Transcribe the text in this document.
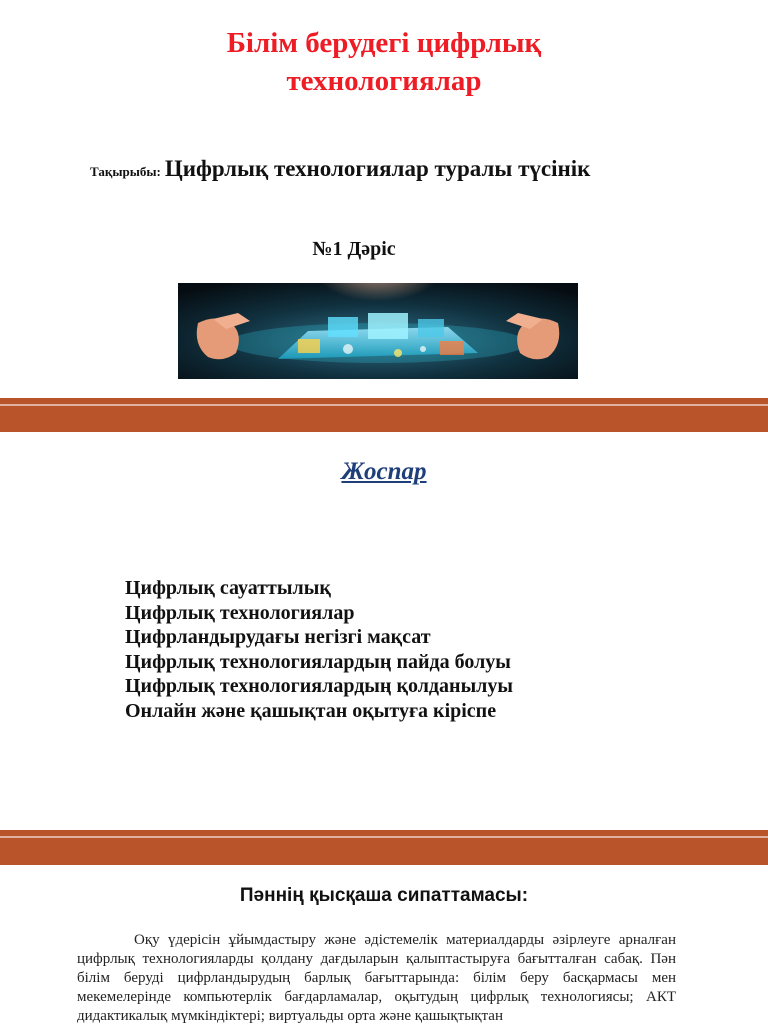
Білім берудегі цифрлық
технологиялар
Тақырыбы: Цифрлық технологиялар туралы түсінік
№1 Дәріс
Жоспар
Цифрлық сауаттылық
Цифрлық технологиялар
Цифрландырудағы негізгі мақсат
Цифрлық технологиялардың пайда болуы
Цифрлық технологиялардың қолданылуы
Онлайн және қашықтан оқытуға кіріспе
Пәннің қысқаша сипаттамасы:

Оқу үдерісін ұйымдастыру және әдістемелік материалдарды әзірлеуге арналған цифрлық технологияларды қолдану дағдыларын қалыптастыруға бағытталған сабақ. Пән білім беруді цифрландырудың барлық бағыттарында: білім беру басқармасы мен мекемелерінде компьютерлік бағдарламалар, оқытудың цифрлық технологиясы; АКТ дидактикалық мүмкіндіктері; виртуальды орта және қашықтықтан
